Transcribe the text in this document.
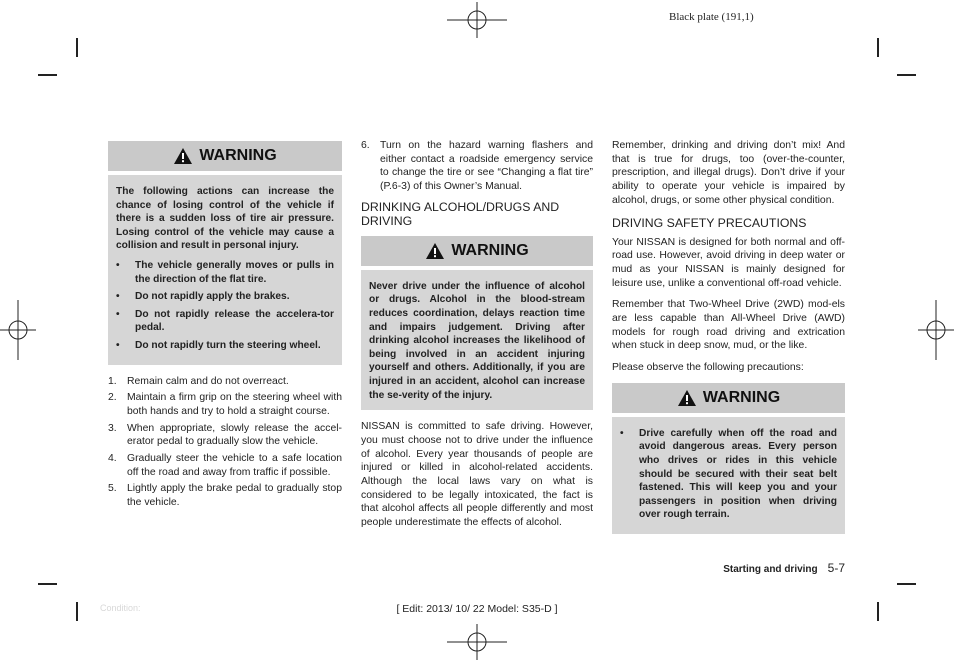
Black plate (191,1)
WARNING
The following actions can increase the chance of losing control of the vehicle if there is a sudden loss of tire air pressure. Losing control of the vehicle may cause a collision and result in personal injury.
• The vehicle generally moves or pulls in the direction of the flat tire.
• Do not rapidly apply the brakes.
• Do not rapidly release the accelera-tor pedal.
• Do not rapidly turn the steering wheel.
1. Remain calm and do not overreact.
2. Maintain a firm grip on the steering wheel with both hands and try to hold a straight course.
3. When appropriate, slowly release the accel-erator pedal to gradually slow the vehicle.
4. Gradually steer the vehicle to a safe location off the road and away from traffic if possible.
5. Lightly apply the brake pedal to gradually stop the vehicle.
6. Turn on the hazard warning flashers and either contact a roadside emergency service to change the tire or see “Changing a flat tire” (P.6-3) of this Owner’s Manual.
DRINKING ALCOHOL/DRUGS AND DRIVING
WARNING
Never drive under the influence of alcohol or drugs. Alcohol in the blood-stream reduces coordination, delays reaction time and impairs judgement. Driving after drinking alcohol increases the likelihood of being involved in an accident injuring yourself and others. Additionally, if you are injured in an accident, alcohol can increase the se-verity of the injury.

NISSAN is committed to safe driving. However, you must choose not to drive under the influence of alcohol. Every year thousands of people are injured or killed in alcohol-related accidents. Although the local laws vary on what is considered to be legally intoxicated, the fact is that alcohol affects all people differently and most people underestimate the effects of alcohol.

Remember, drinking and driving don’t mix! And that is true for drugs, too (over-the-counter, prescription, and illegal drugs). Don’t drive if your ability to operate your vehicle is impaired by alcohol, drugs, or some other physical condition.

DRIVING SAFETY PRECAUTIONS

Your NISSAN is designed for both normal and off-road use. However, avoid driving in deep water or mud as your NISSAN is mainly designed for leisure use, unlike a conventional off-road vehicle.

Remember that Two-Wheel Drive (2WD) mod-els are less capable than All-Wheel Drive (AWD) models for rough road driving and extrication when stuck in deep snow, mud, or the like.

Please observe the following precautions:

WARNING
• Drive carefully when off the road and avoid dangerous areas. Every person who drives or rides in this vehicle should be secured with their seat belt fastened. This will keep you and your passengers in position when driving over rough terrain.
Starting and driving 5-7
Condition:	[ Edit: 2013/ 10/ 22 Model: S35-D ]
